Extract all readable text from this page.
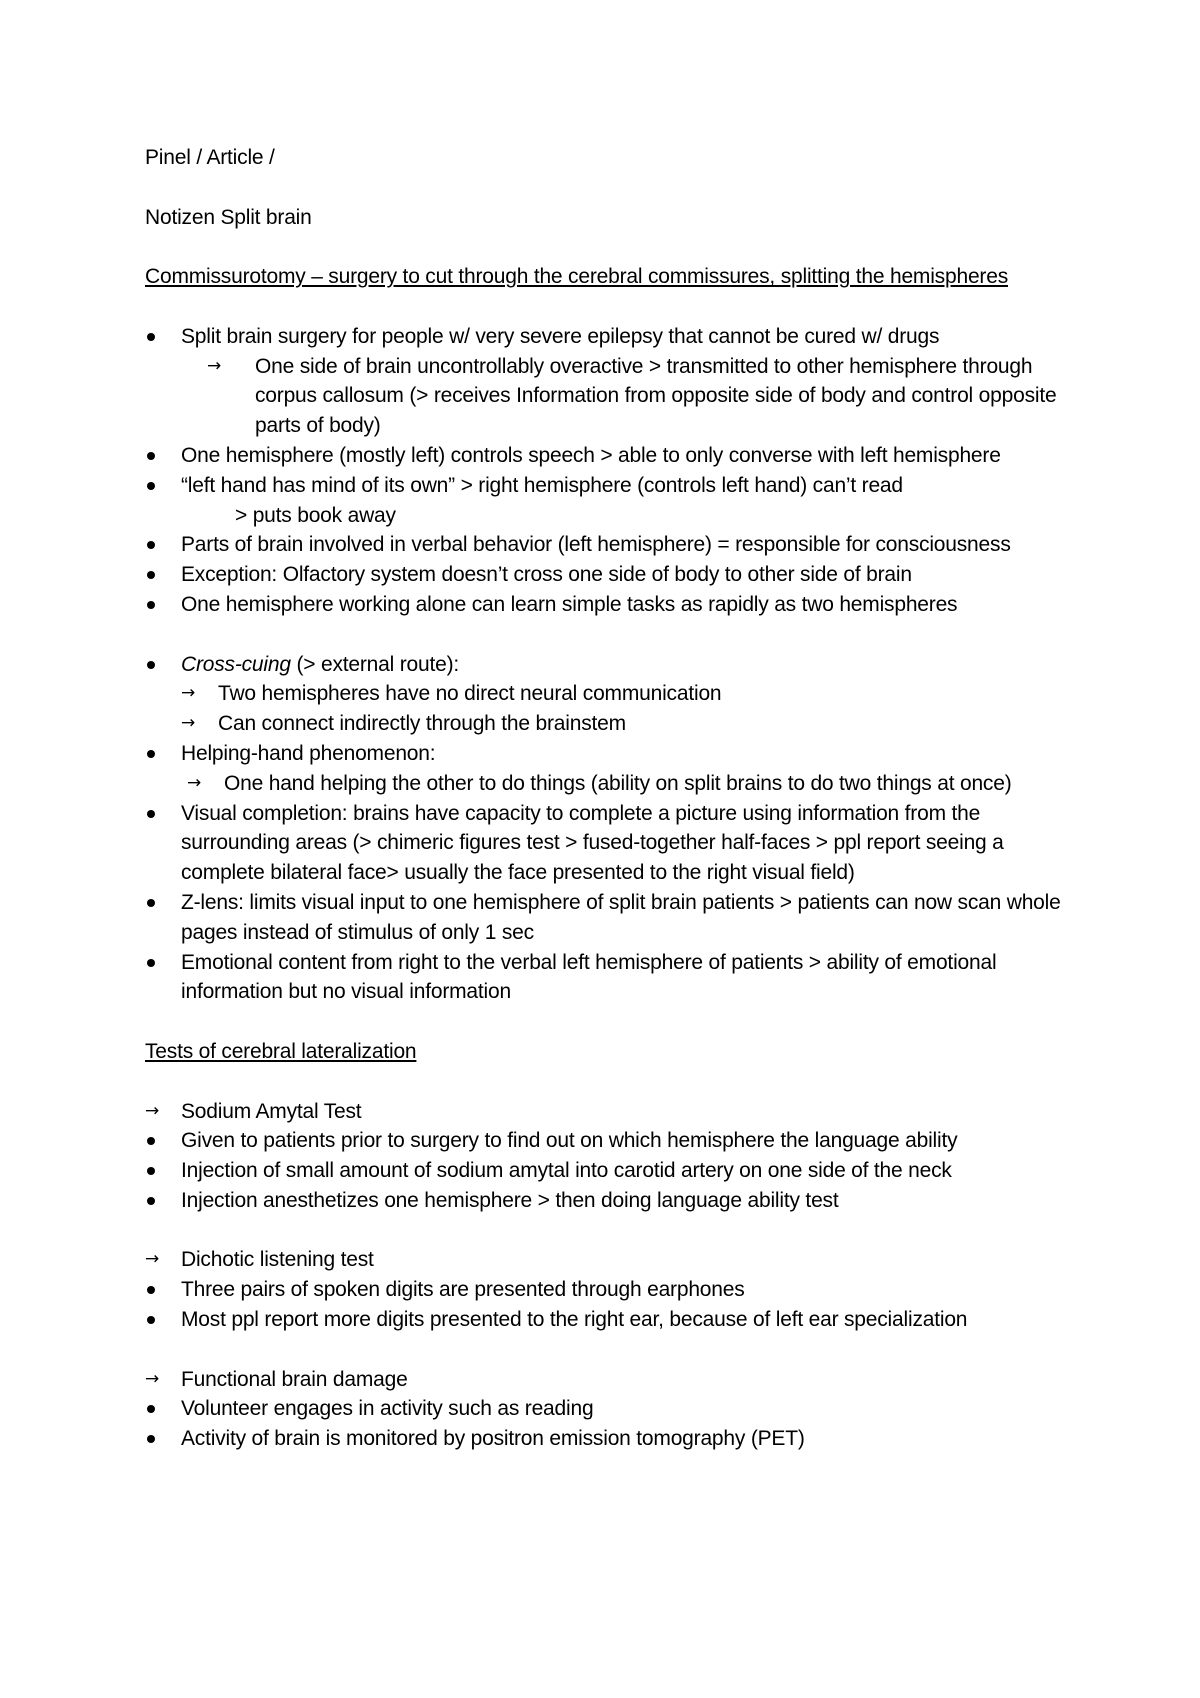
Pinel / Article /

Notizen Split brain

Commissurotomy – surgery to cut through the cerebral commissures, splitting the hemispheres

Split brain surgery for people w/ very severe epilepsy that cannot be cured w/ drugs
→ One side of brain uncontrollably overactive > transmitted to other hemisphere through corpus callosum (> receives Information from opposite side of body and control opposite parts of body)
One hemisphere (mostly left) controls speech > able to only converse with left hemisphere
“left hand has mind of its own” > right hemisphere (controls left hand) can’t read
> puts book away
Parts of brain involved in verbal behavior (left hemisphere) = responsible for consciousness
Exception: Olfactory system doesn’t cross one side of body to other side of brain
One hemisphere working alone can learn simple tasks as rapidly as two hemispheres
Cross-cuing (> external route):
→ Two hemispheres have no direct neural communication
→ Can connect indirectly through the brainstem
Helping-hand phenomenon:
→ One hand helping the other to do things (ability on split brains to do two things at once)
Visual completion: brains have capacity to complete a picture using information from the surrounding areas (> chimeric figures test > fused-together half-faces > ppl report seeing a complete bilateral face> usually the face presented to the right visual field)
Z-lens: limits visual input to one hemisphere of split brain patients > patients can now scan whole pages instead of stimulus of only 1 sec
Emotional content from right to the verbal left hemisphere of patients > ability of emotional information but no visual information

Tests of cerebral lateralization

→ Sodium Amytal Test
Given to patients prior to surgery to find out on which hemisphere the language ability
Injection of small amount of sodium amytal into carotid artery on one side of the neck
Injection anesthetizes one hemisphere > then doing language ability test
→ Dichotic listening test
Three pairs of spoken digits are presented through earphones
Most ppl report more digits presented to the right ear, because of left ear specialization
→ Functional brain damage
Volunteer engages in activity such as reading
Activity of brain is monitored by positron emission tomography (PET)
